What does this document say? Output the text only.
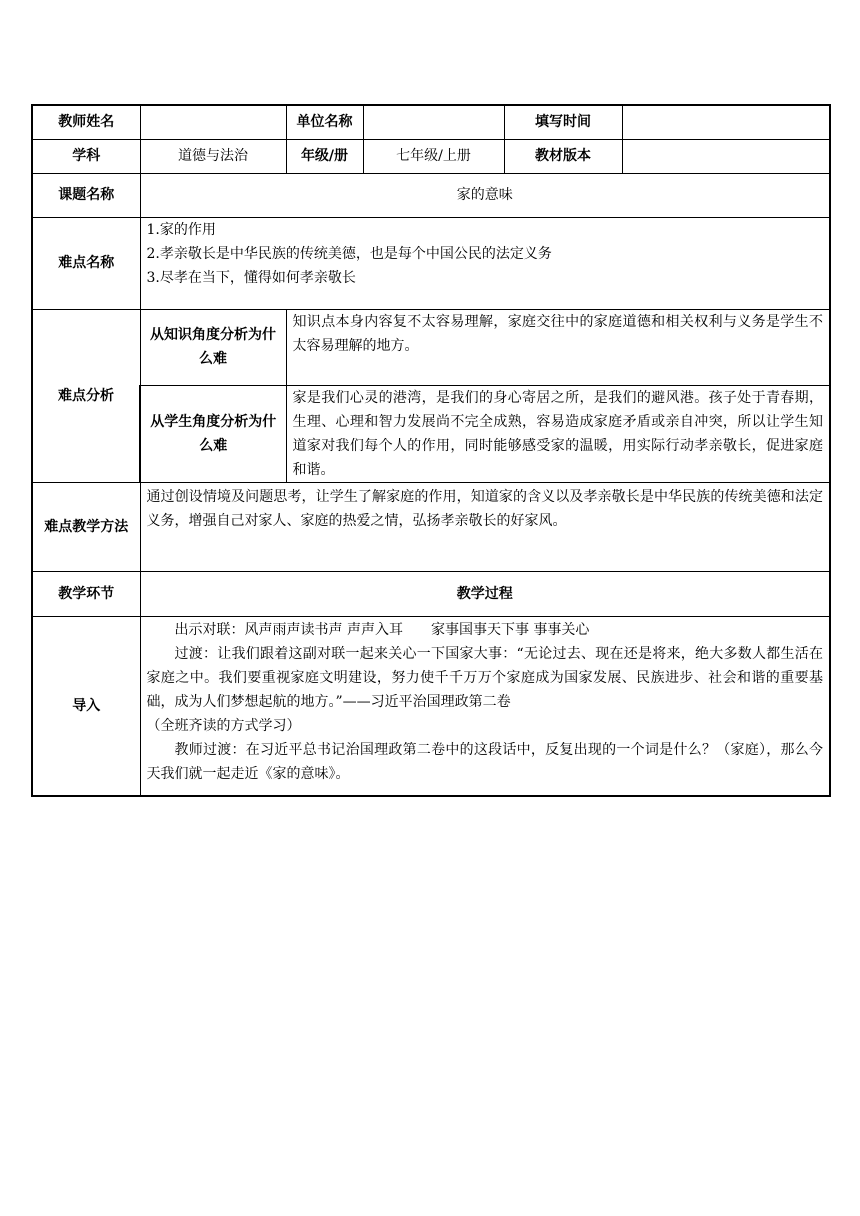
教师姓名		单位名称		填写时间	
学科	道德与法治	年级/册	七年级/上册	教材版本	
课题名称	家的意味				
难点名称	1.家的作用
2.孝亲敬长是中华民族的传统美德，也是每个中国公民的法定义务
3.尽孝在当下，懂得如何孝亲敬长				

难点分析	从知识角度分析为什么难	知识点本身内容复不太容易理解，家庭交往中的家庭道德和相关权利与义务是学生不太容易理解的地方。			
	从学生角度分析为什么难	家是我们心灵的港湾，是我们的身心寄居之所，是我们的避风港。孩子处于青春期，生理、心理和智力发展尚不完全成熟，容易造成家庭矛盾或亲自冲突，所以让学生知道家对我们每个人的作用，同时能够感受家的温暖，用实际行动孝亲敬长，促进家庭和谐。			
难点教学方法	通过创设情境及问题思考，让学生了解家庭的作用，知道家的含义以及孝亲敬长是中华民族的传统美德和法定义务，增强自己对家人、家庭的热爱之情，弘扬孝亲敬长的好家风。				

教学环节	教学过程				
导入	出示对联：风声雨声读书声 声声入耳　　家事国事天下事 事事关心

过渡：让我们跟着这副对联一起来关心一下国家大事：“无论过去、现在还是将来，绝大多数人都生活在家庭之中。我们要重视家庭文明建设，努力使千千万万个家庭成为国家发展、民族进步、社会和谐的重要基础，成为人们梦想起航的地方。”——习近平治国理政第二卷

（全班齐读的方式学习）

教师过渡：在习近平总书记治国理政第二卷中的这段话中，反复出现的一个词是什么？（家庭），那么今天我们就一起走近《家的意味》。				
